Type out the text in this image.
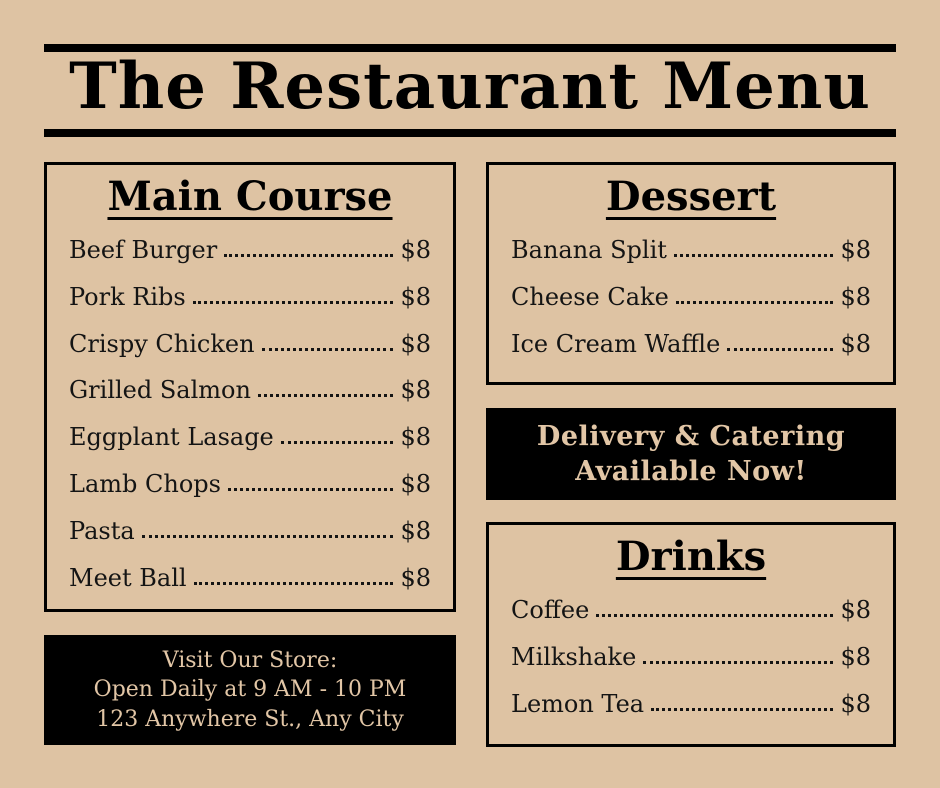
The Restaurant Menu
Main Course
Beef Burger	$8
Pork Ribs	$8
Crispy Chicken	$8
Grilled Salmon	$8
Eggplant Lasage	$8
Lamb Chops	$8
Pasta	$8
Meet Ball	$8
Dessert
Banana Split	$8
Cheese Cake	$8
Ice Cream Waffle	$8
Delivery & Catering
Available Now!
Drinks
Coffee	$8
Milkshake	$8
Lemon Tea	$8
Visit Our Store:
Open Daily at 9 AM - 10 PM
123 Anywhere St., Any City
